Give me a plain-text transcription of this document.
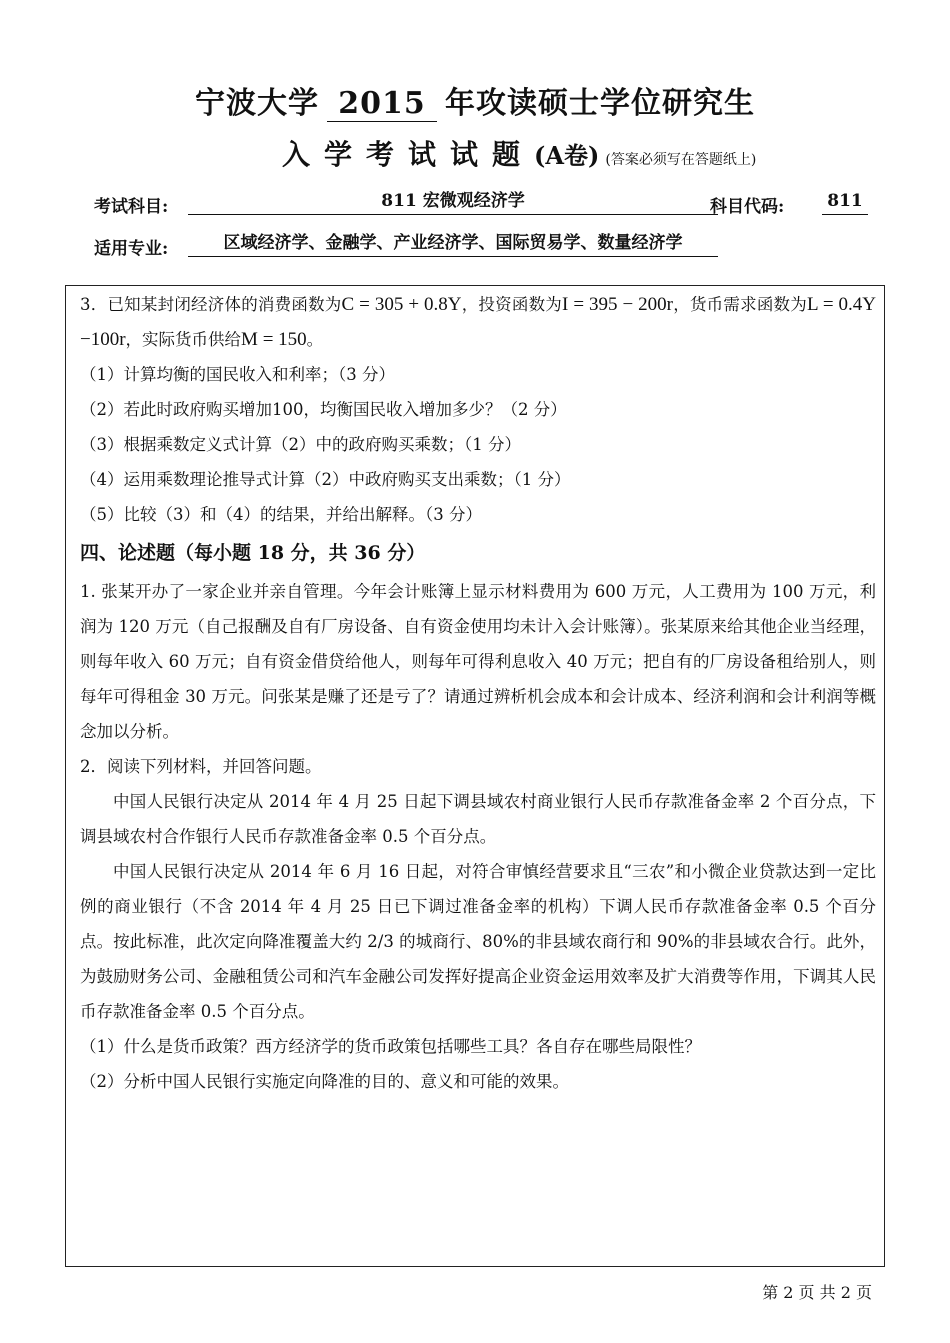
宁波大学 2015 年攻读硕士学位研究生
入学考试试题(A卷) (答案必须写在答题纸上)
考试科目:	811 宏微观经济学	科目代码:	811
适用专业:	区域经济学、金融学、产业经济学、国际贸易学、数量经济学

3．已知某封闭经济体的消费函数为C = 305 + 0.8Y，投资函数为I = 395 − 200r，货币需求函数为L = 0.4Y −100r，实际货币供给M = 150。

（1）计算均衡的国民收入和利率；（3 分）

（2）若此时政府购买增加100，均衡国民收入增加多少？（2 分）

（3）根据乘数定义式计算（2）中的政府购买乘数；（1 分）

（4）运用乘数理论推导式计算（2）中政府购买支出乘数；（1 分）

（5）比较（3）和（4）的结果，并给出解释。（3 分）

四、论述题（每小题 18 分，共 36 分）

1. 张某开办了一家企业并亲自管理。今年会计账簿上显示材料费用为 600 万元，人工费用为 100 万元，利润为 120 万元（自己报酬及自有厂房设备、自有资金使用均未计入会计账簿）。张某原来给其他企业当经理，则每年收入 60 万元；自有资金借贷给他人，则每年可得利息收入 40 万元；把自有的厂房设备租给别人，则每年可得租金 30 万元。问张某是赚了还是亏了？请通过辨析机会成本和会计成本、经济利润和会计利润等概念加以分析。

2．阅读下列材料，并回答问题。

中国人民银行决定从 2014 年 4 月 25 日起下调县域农村商业银行人民币存款准备金率 2 个百分点，下调县域农村合作银行人民币存款准备金率 0.5 个百分点。

中国人民银行决定从 2014 年 6 月 16 日起，对符合审慎经营要求且“三农”和小微企业贷款达到一定比例的商业银行（不含 2014 年 4 月 25 日已下调过准备金率的机构）下调人民币存款准备金率 0.5 个百分点。按此标准，此次定向降准覆盖大约 2/3 的城商行、80%的非县域农商行和 90%的非县域农合行。此外，为鼓励财务公司、金融租赁公司和汽车金融公司发挥好提高企业资金运用效率及扩大消费等作用，下调其人民币存款准备金率 0.5 个百分点。

（1）什么是货币政策？西方经济学的货币政策包括哪些工具？各自存在哪些局限性？

（2）分析中国人民银行实施定向降准的目的、意义和可能的效果。

第 2 页 共 2 页
